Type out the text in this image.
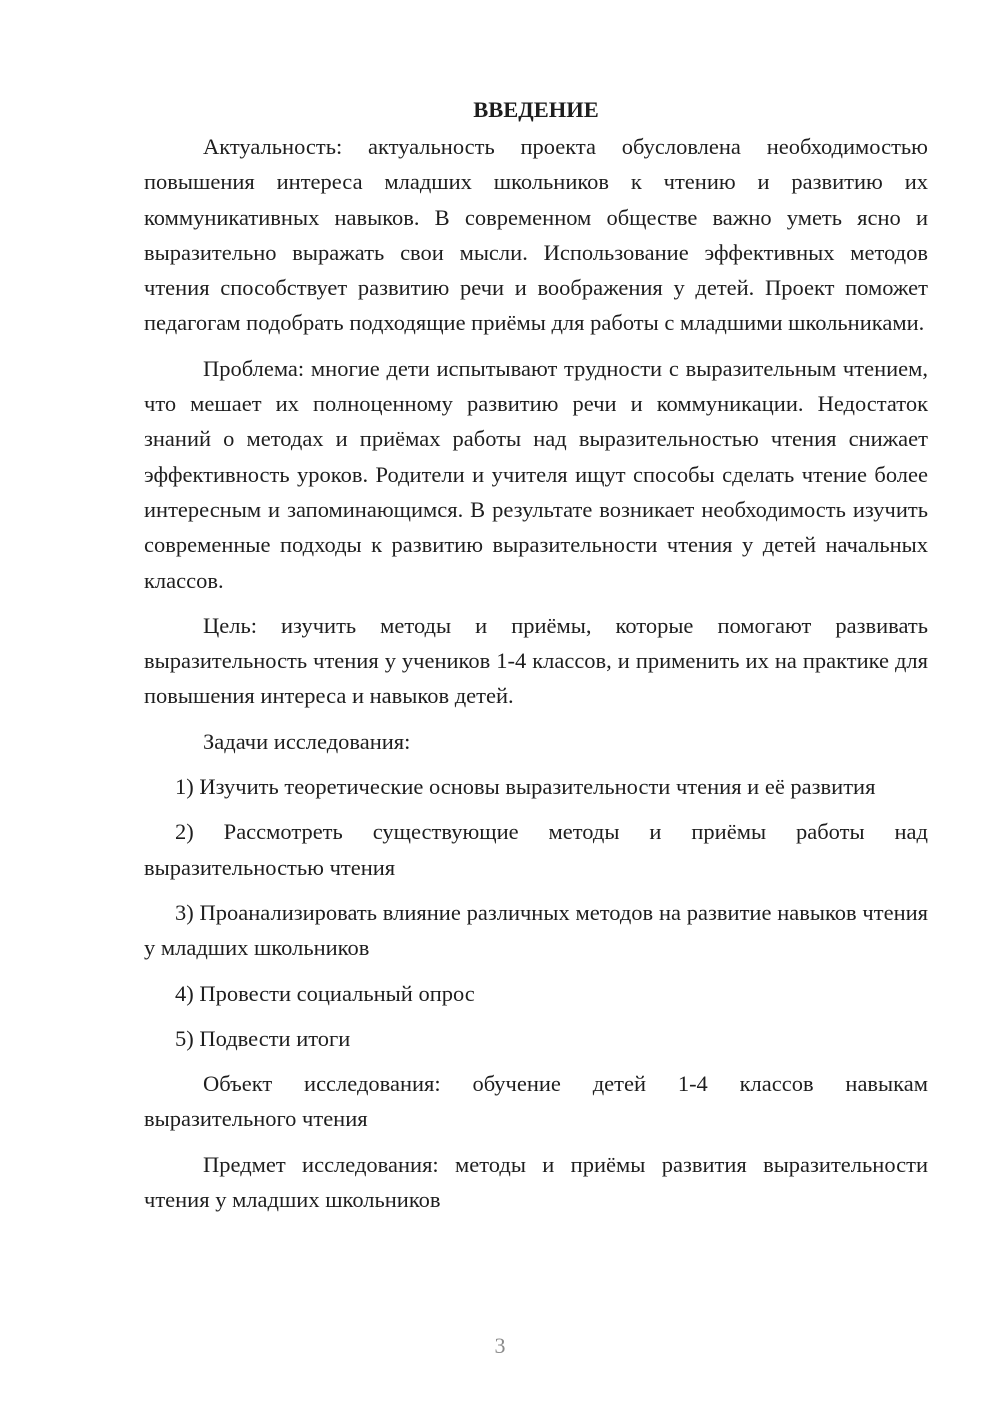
ВВЕДЕНИЕ

Актуальность: актуальность проекта обусловлена необходимостью повышения интереса младших школьников к чтению и развитию их коммуникативных навыков. В современном обществе важно уметь ясно и выразительно выражать свои мысли. Использование эффективных методов чтения способствует развитию речи и воображения у детей. Проект поможет педагогам подобрать подходящие приёмы для работы с младшими школьниками.

Проблема: многие дети испытывают трудности с выразительным чтением, что мешает их полноценному развитию речи и коммуникации. Недостаток знаний о методах и приёмах работы над выразительностью чтения снижает эффективность уроков. Родители и учителя ищут способы сделать чтение более интересным и запоминающимся. В результате возникает необходимость изучить современные подходы к развитию выразительности чтения у детей начальных классов.

Цель: изучить методы и приёмы, которые помогают развивать выразительность чтения у учеников 1-4 классов, и применить их на практике для повышения интереса и навыков детей.

Задачи исследования:

1) Изучить теоретические основы выразительности чтения и её развития

2) Рассмотреть существующие методы и приёмы работы над выразительностью чтения

3) Проанализировать влияние различных методов на развитие навыков чтения у младших школьников

4) Провести социальный опрос

5) Подвести итоги

Объект исследования: обучение детей 1-4 классов навыкам выразительного чтения

Предмет исследования: методы и приёмы развития выразительности чтения у младших школьников

3
